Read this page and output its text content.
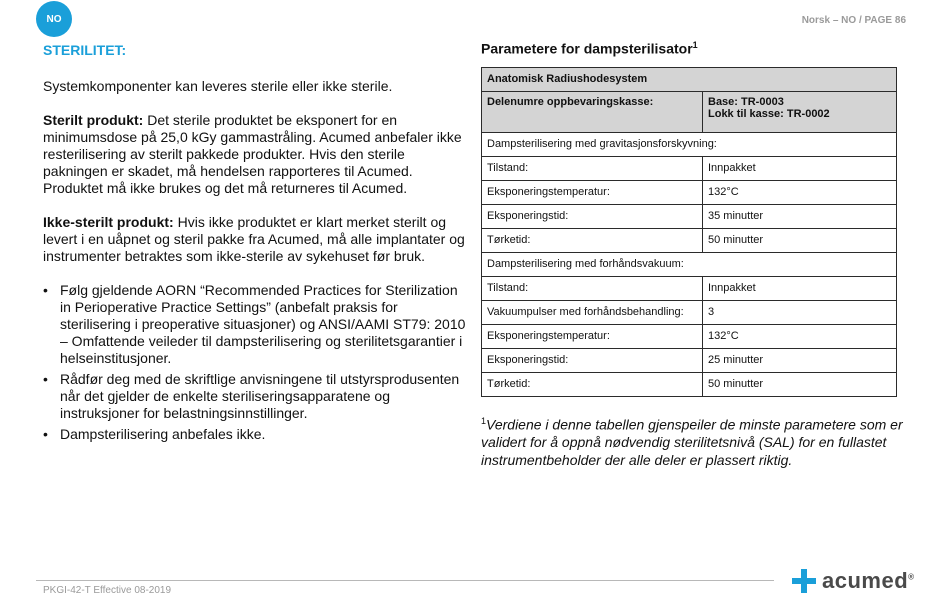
NO	Norsk – NO / PAGE 86
STERILITET:

Systemkomponenter kan leveres sterile eller ikke sterile.

Sterilt produkt: Det sterile produktet be eksponert for en minimumsdose på 25,0 kGy gammastråling. Acumed anbefaler ikke resterilisering av sterilt pakkede produkter. Hvis den sterile pakningen er skadet, må hendelsen rapporteres til Acumed. Produktet må ikke brukes og det må returneres til Acumed.

Ikke-sterilt produkt: Hvis ikke produktet er klart merket sterilt og levert i en uåpnet og steril pakke fra Acumed, må alle implantater og instrumenter betraktes som ikke-sterile av sykehuset før bruk.

• Følg gjeldende AORN “Recommended Practices for Sterilization in Perioperative Practice Settings” (anbefalt praksis for sterilisering i preoperative situasjoner) og ANSI/AAMI ST79: 2010 – Omfattende veileder til dampsterilisering og sterilitetsgarantier i helseinstitusjoner.
• Rådfør deg med de skriftlige anvisningene til utstyrsprodusenten når det gjelder de enkelte steriliseringsapparatene og instruksjoner for belastningsinnstillinger.
• Dampsterilisering anbefales ikke.
Parametere for dampsterilisator$^1$
Anatomisk Radiushodesystem	
Delenumre oppbevaringskasse:	Base: TR-0003
Lokk til kasse: TR-0002

Dampsterilisering med gravitasjonsforskyvning:	
Tilstand:	Innpakket
Eksponeringstemperatur:	132°C
Eksponeringstid:	35 minutter
Tørketid:	50 minutter
Dampsterilisering med forhåndsvakuum:	
Tilstand:	Innpakket
Vakuumpulser med forhåndsbehandling:	3
Eksponeringstemperatur:	132°C
Eksponeringstid:	25 minutter
Tørketid:	50 minutter
$^1$Verdiene i denne tabellen gjenspeiler de minste parametere som er validert for å oppnå nødvendig sterilitetsnivå (SAL) for en fullastet instrumentbeholder der alle deler er plassert riktig.
PKGI-42-T Effective 08-2019	acumed®
